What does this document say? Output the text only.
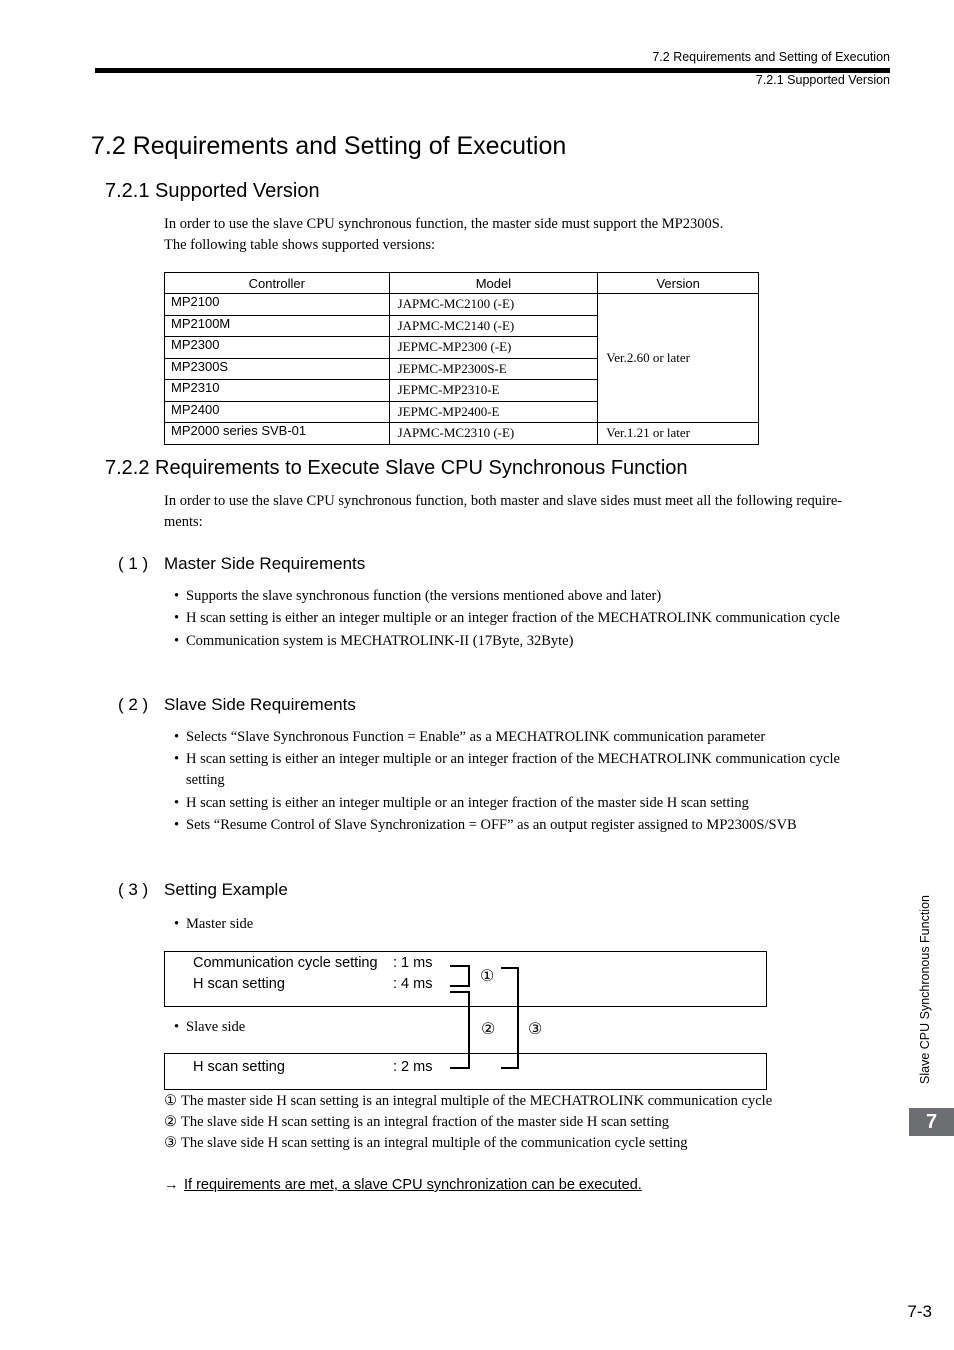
7.2 Requirements and Setting of Execution
7.2.1 Supported Version
7.2 Requirements and Setting of Execution
7.2.1 Supported Version
In order to use the slave CPU synchronous function, the master side must support the MP2300S.
The following table shows supported versions:
Controller	Model	Version
MP2100	JAPMC-MC2100 (-E)	Ver.2.60 or later
MP2100M	JAPMC-MC2140 (-E)	
MP2300	JEPMC-MP2300 (-E)	
MP2300S	JEPMC-MP2300S-E	
MP2310	JEPMC-MP2310-E	
MP2400	JEPMC-MP2400-E	
MP2000 series SVB-01	JAPMC-MC2310 (-E)	Ver.1.21 or later
7.2.2 Requirements to Execute Slave CPU Synchronous Function
In order to use the slave CPU synchronous function, both master and slave sides must meet all the following require-
ments:
( 1 ) Master Side Requirements
• Supports the slave synchronous function (the versions mentioned above and later)
• H scan setting is either an integer multiple or an integer fraction of the MECHATROLINK communication cycle
• Communication system is MECHATROLINK-II (17Byte, 32Byte)
( 2 ) Slave Side Requirements
• Selects “Slave Synchronous Function = Enable” as a MECHATROLINK communication parameter
• H scan setting is either an integer multiple or an integer fraction of the MECHATROLINK communication cycle
setting
• H scan setting is either an integer multiple or an integer fraction of the master side H scan setting
• Sets “Resume Control of Slave Synchronization = OFF” as an output register assigned to MP2300S/SVB
( 3 ) Setting Example
• Master side
Communication cycle setting : 1 ms
H scan setting	: 4 ms
• Slave side
H scan setting	: 2 ms
①
② ③
① The master side H scan setting is an integral multiple of the MECHATROLINK communication cycle
② The slave side H scan setting is an integral fraction of the master side H scan setting
③ The slave side H scan setting is an integral multiple of the communication cycle setting
→ If requirements are met, a slave CPU synchronization can be executed.
Slave CPU Synchronous Function
7
7-3
